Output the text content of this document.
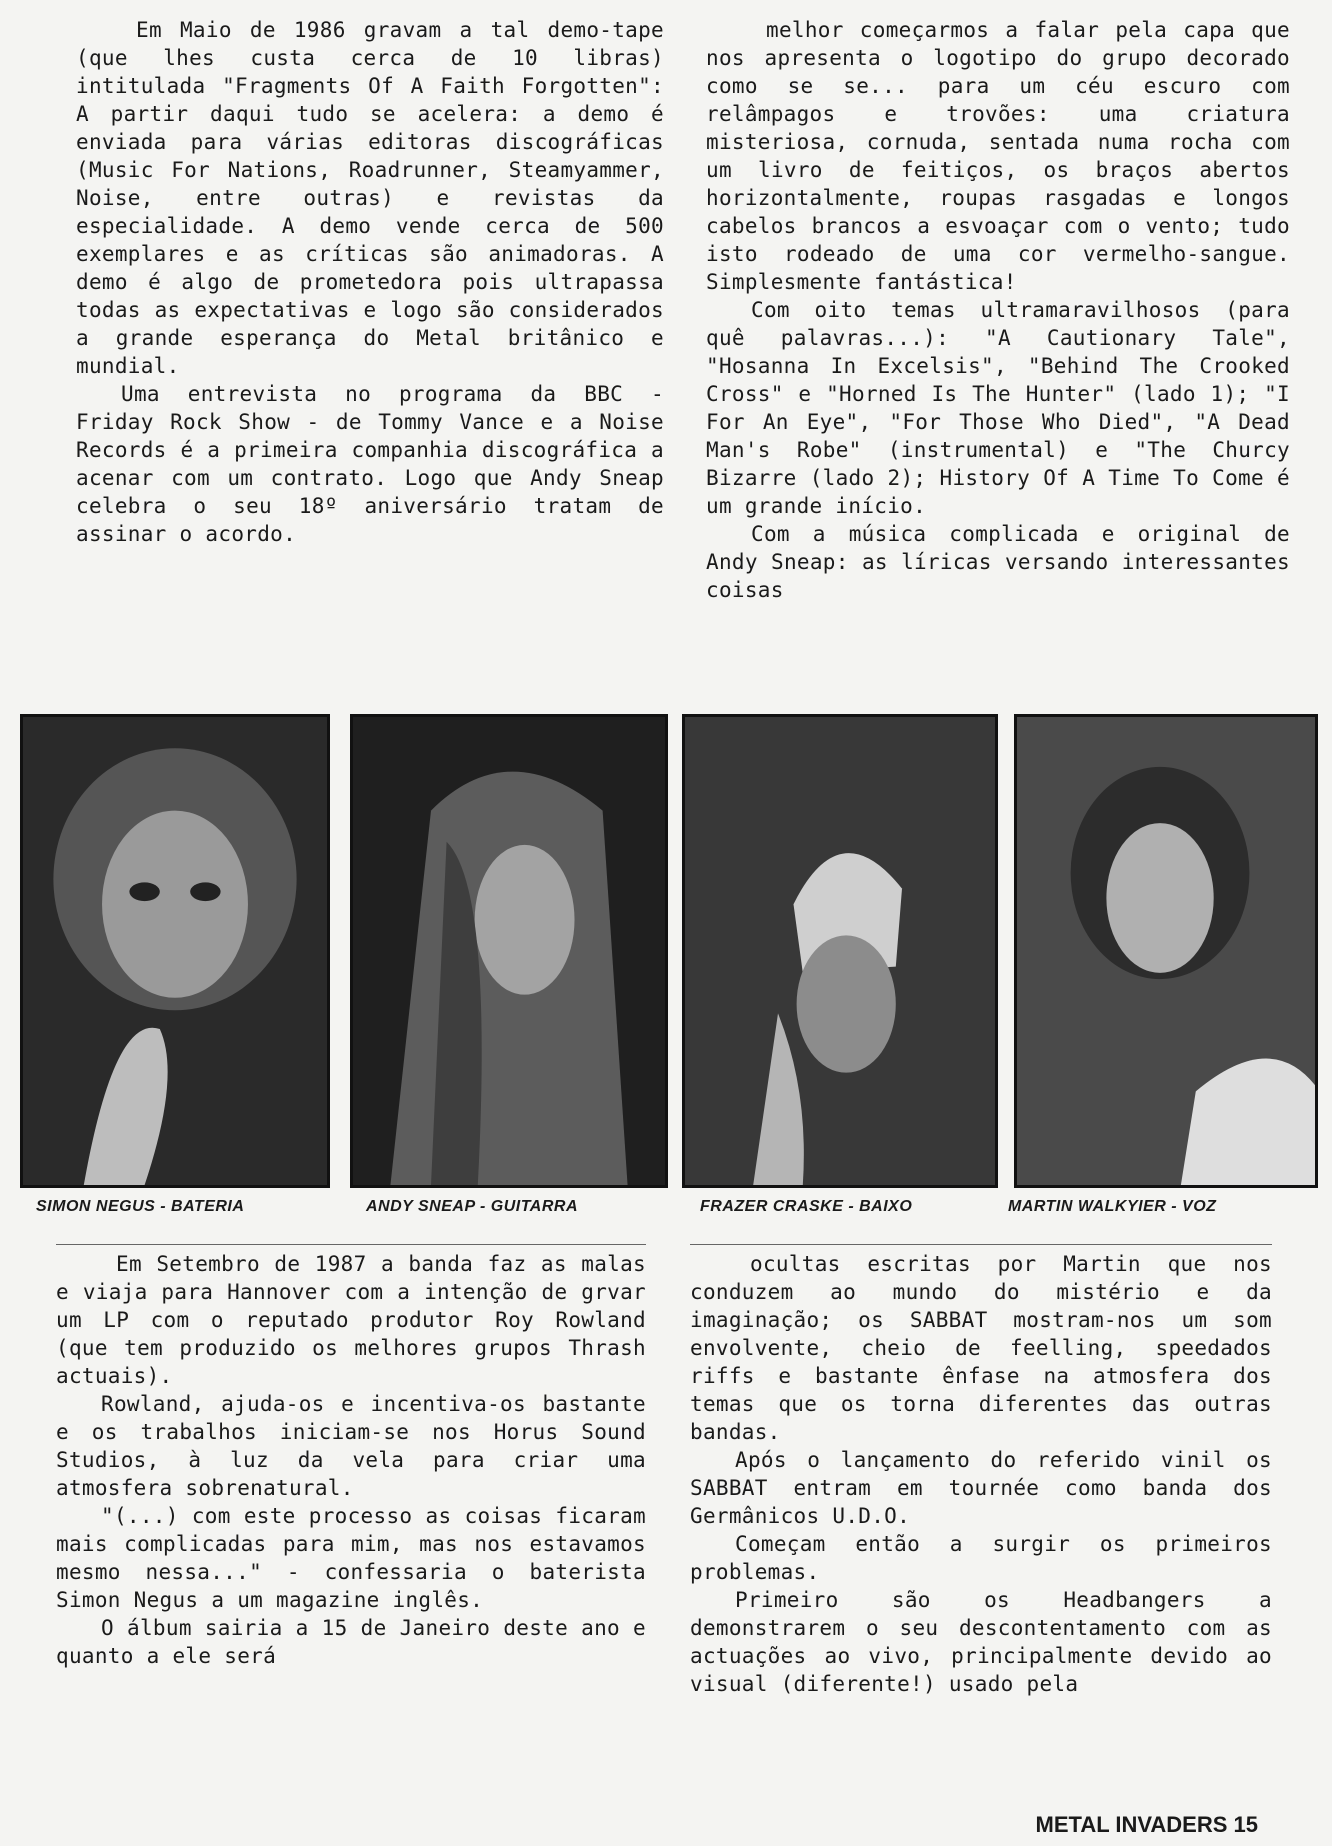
Em Maio de 1986 gravam a tal demo-tape (que lhes custa cerca de 10 libras) intitulada "Fragments Of A Faith Forgotten": A partir daqui tudo se acelera: a demo é enviada para várias editoras discográficas (Music For Nations, Roadrunner, Steamyammer, Noise, entre outras) e revistas da especialidade. A demo vende cerca de 500 exemplares e as críticas são animadoras. A demo é algo de prometedora pois ultrapassa todas as expectativas e logo são considerados a grande esperança do Metal britânico e mundial.

Uma entrevista no programa da BBC - Friday Rock Show - de Tommy Vance e a Noise Records é a primeira companhia discográfica a acenar com um contrato. Logo que Andy Sneap celebra o seu 18º aniversário tratam de assinar o acordo.

melhor começarmos a falar pela capa que nos apresenta o logotipo do grupo decorado como se se... para um céu escuro com relâmpagos e trovões: uma criatura misteriosa, cornuda, sentada numa rocha com um livro de feitiços, os braços abertos horizontalmente, roupas rasgadas e longos cabelos brancos a esvoaçar com o vento; tudo isto rodeado de uma cor vermelho-sangue. Simplesmente fantástica!

Com oito temas ultramaravilhosos (para quê palavras...): "A Cautionary Tale", "Hosanna In Excelsis", "Behind The Crooked Cross" e "Horned Is The Hunter" (lado 1); "I For An Eye", "For Those Who Died", "A Dead Man's Robe" (instrumental) e "The Churcy Bizarre (lado 2); History Of A Time To Come é um grande início.

Com a música complicada e original de Andy Sneap: as líricas versando interessantes coisas

SIMON NEGUS - BATERIA	ANDY SNEAP - GUITARRA	FRAZER CRASKE - BAIXO	MARTIN WALKYIER - VOZ

Em Setembro de 1987 a banda faz as malas e viaja para Hannover com a intenção de grvar um LP com o reputado produtor Roy Rowland (que tem produzido os melhores grupos Thrash actuais).

Rowland, ajuda-os e incentiva-os bastante e os trabalhos iniciam-se nos Horus Sound Studios, à luz da vela para criar uma atmosfera sobrenatural.

"(...) com este processo as coisas ficaram mais complicadas para mim, mas nos estavamos mesmo nessa..." - confessaria o baterista Simon Negus a um magazine inglês.

O álbum sairia a 15 de Janeiro deste ano e quanto a ele será

ocultas escritas por Martin que nos conduzem ao mundo do mistério e da imaginação; os SABBAT mostram-nos um som envolvente, cheio de feelling, speedados riffs e bastante ênfase na atmosfera dos temas que os torna diferentes das outras bandas.

Após o lançamento do referido vinil os SABBAT entram em tournée como banda dos Germânicos U.D.O.

Começam então a surgir os primeiros problemas.

Primeiro são os Headbangers a demonstrarem o seu descontentamento com as actuações ao vivo, principalmente devido ao visual (diferente!) usado pela

METAL INVADERS 15
